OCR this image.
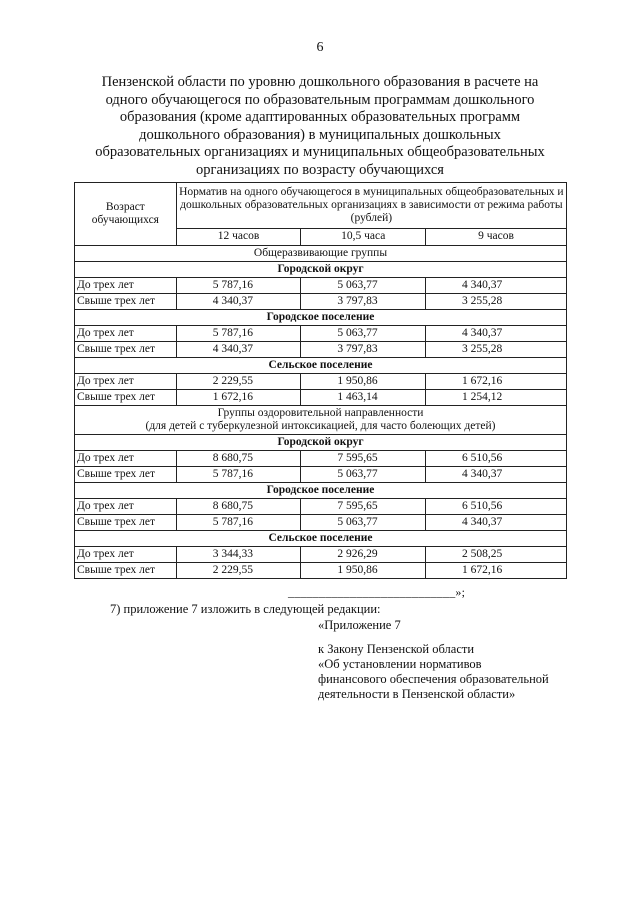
6
Пензенской области по уровню дошкольного образования в расчете на
одного обучающегося по образовательным программам дошкольного
образования (кроме адаптированных образовательных программ
дошкольного образования) в муниципальных дошкольных
образовательных организациях и муниципальных общеобразовательных
организациях по возрасту обучающихся
Возраст обучающихся	Норматив на одного обучающегося в муниципальных общеобразовательных и дошкольных образовательных организациях в зависимости от режима работы (рублей)		
	12 часов	10,5 часа	9 часов
Общеразвивающие группы			
Городской округ			
До трех лет	5 787,16	5 063,77	4 340,37
Свыше трех лет	4 340,37	3 797,83	3 255,28
Городское поселение			
До трех лет	5 787,16	5 063,77	4 340,37
Свыше трех лет	4 340,37	3 797,83	3 255,28
Сельское поселение			
До трех лет	2 229,55	1 950,86	1 672,16
Свыше трех лет	1 672,16	1 463,14	1 254,12

Группы оздоровительной направленности
(для детей с туберкулезной интоксикацией, для часто болеющих детей)			

Городской округ			
До трех лет	8 680,75	7 595,65	6 510,56
Свыше трех лет	5 787,16	5 063,77	4 340,37
Городское поселение			
До трех лет	8 680,75	7 595,65	6 510,56
Свыше трех лет	5 787,16	5 063,77	4 340,37
Сельское поселение			
До трех лет	3 344,33	2 926,29	2 508,25
Свыше трех лет	2 229,55	1 950,86	1 672,16
___________________________»;
7) приложение 7 изложить в следующей редакции:
«Приложение 7
к Закону Пензенской области
«Об установлении нормативов
финансового обеспечения образовательной
деятельности в Пензенской области»
